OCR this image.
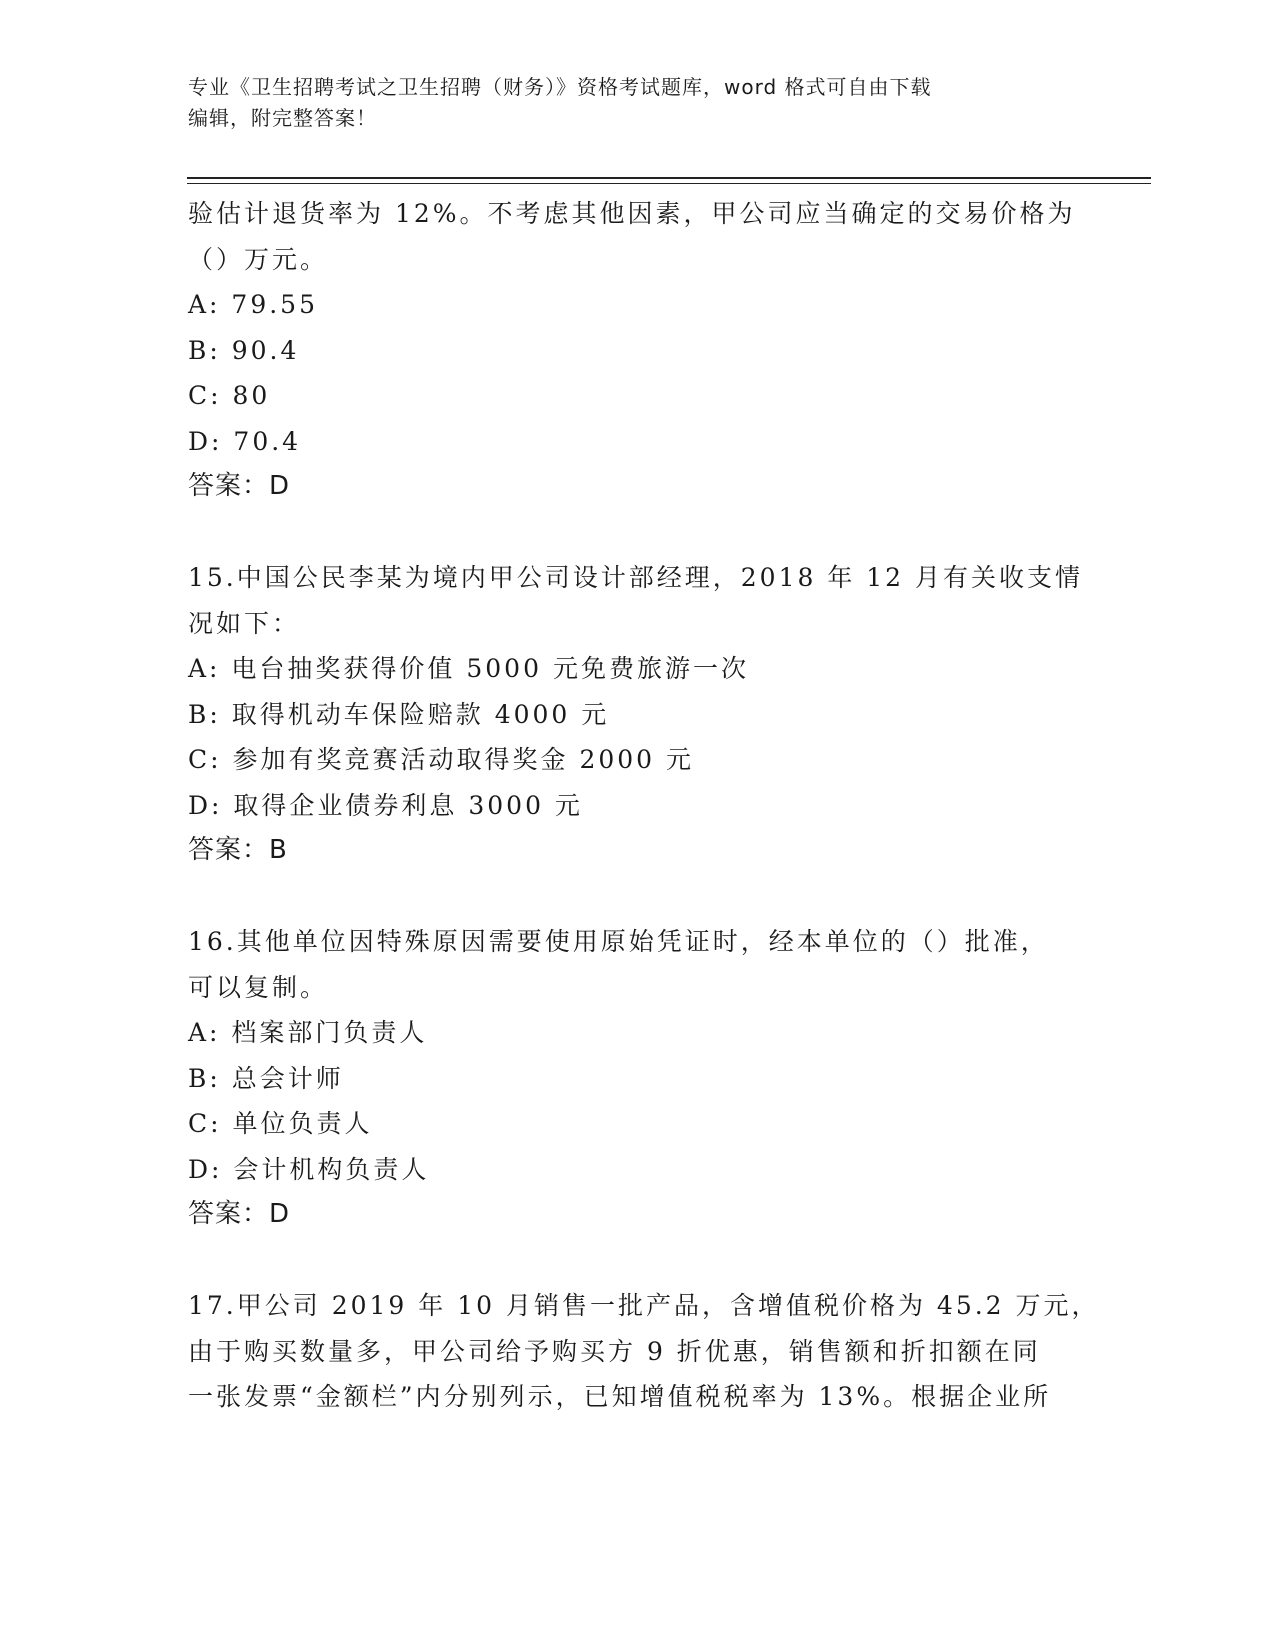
专业《卫生招聘考试之卫生招聘（财务）》资格考试题库，word 格式可自由下载
编辑，附完整答案！
验估计退货率为 12%。不考虑其他因素，甲公司应当确定的交易价格为
（）万元。
A: 79.55
B: 90.4
C: 80
D: 70.4
答案：D
15.中国公民李某为境内甲公司设计部经理，2018 年 12 月有关收支情
况如下：
A: 电台抽奖获得价值 5000 元免费旅游一次
B: 取得机动车保险赔款 4000 元
C: 参加有奖竞赛活动取得奖金 2000 元
D: 取得企业债券利息 3000 元
答案：B
16.其他单位因特殊原因需要使用原始凭证时，经本单位的（）批准，
可以复制。
A: 档案部门负责人
B: 总会计师
C: 单位负责人
D: 会计机构负责人
答案：D
17.甲公司 2019 年 10 月销售一批产品，含增值税价格为 45.2 万元，
由于购买数量多，甲公司给予购买方 9 折优惠，销售额和折扣额在同
一张发票“金额栏”内分别列示，已知增值税税率为 13%。根据企业所
